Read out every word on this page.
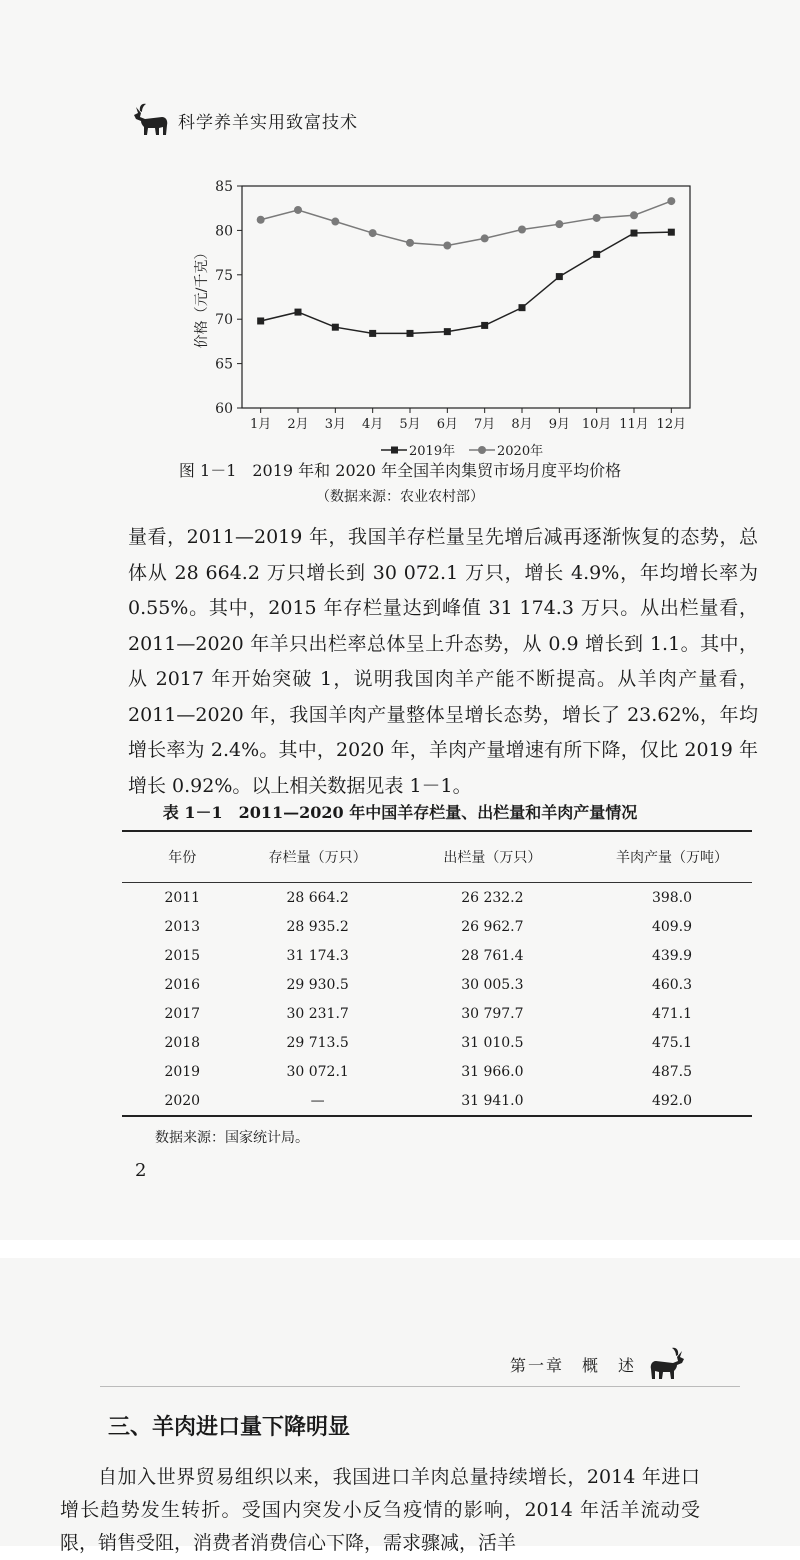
科学养羊实用致富技术
60
65
70
75
80
85
1月 2月 3月 4月 5月 6月 7月 8月 9月 10月 11月 12月
价格（元/千克）
2019年	2020年
图 1－1　2019 年和 2020 年全国羊肉集贸市场月度平均价格
（数据来源：农业农村部）

量看，2011—2019 年，我国羊存栏量呈先增后减再逐渐恢复的态势，总体从 28 664.2 万只增长到 30 072.1 万只，增长 4.9%，年均增长率为 0.55%。其中，2015 年存栏量达到峰值 31 174.3 万只。从出栏量看，2011—2020 年羊只出栏率总体呈上升态势，从 0.9 增长到 1.1。其中，从 2017 年开始突破 1，说明我国肉羊产能不断提高。从羊肉产量看，2011—2020 年，我国羊肉产量整体呈增长态势，增长了 23.62%，年均增长率为 2.4%。其中，2020 年，羊肉产量增速有所下降，仅比 2019 年增长 0.92%。以上相关数据见表 1－1。

表 1－1　2011—2020 年中国羊存栏量、出栏量和羊肉产量情况
年份	存栏量（万只）	出栏量（万只）	羊肉产量（万吨）
2011	28 664.2	26 232.2	398.0
2013	28 935.2	26 962.7	409.9
2015	31 174.3	28 761.4	439.9
2016	29 930.5	30 005.3	460.3
2017	30 231.7	30 797.7	471.1
2018	29 713.5	31 010.5	475.1
2019	30 072.1	31 966.0	487.5
2020	—	31 941.0	492.0
数据来源：国家统计局。
2
第一章　概　述
三、羊肉进口量下降明显

自加入世界贸易组织以来，我国进口羊肉总量持续增长，2014 年进口增长趋势发生转折。受国内突发小反刍疫情的影响，2014 年活羊流动受限，销售受阻，消费者消费信心下降，需求骤减，活羊
